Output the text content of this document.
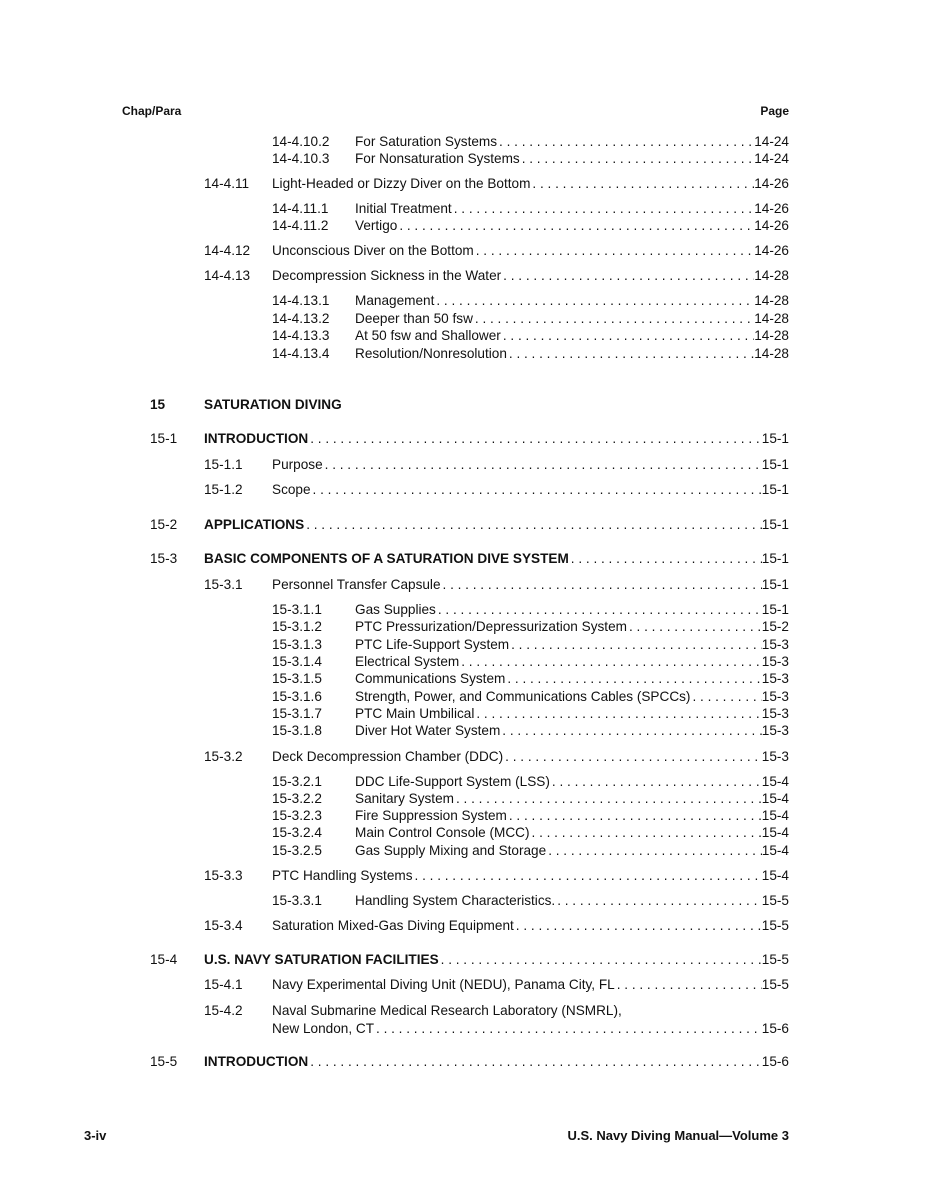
Chap/Para	Page
14-4.10.2 For Saturation Systems . . .	14-24
14-4.10.3 For Nonsaturation Systems . . .	14-24
14-4.11 Light-Headed or Dizzy Diver on the Bottom . . .	14-26
14-4.11.1 Initial Treatment . . .	14-26
14-4.11.2 Vertigo . . .	14-26
14-4.12 Unconscious Diver on the Bottom . . .	14-26
14-4.13 Decompression Sickness in the Water . . .	14-28
14-4.13.1 Management . . .	14-28
14-4.13.2 Deeper than 50 fsw . . .	14-28
14-4.13.3 At 50 fsw and Shallower . . .	14-28
14-4.13.4 Resolution/Nonresolution . . .	14-28
15	SATURATION DIVING
15-1 INTRODUCTION . . .	15-1
15-1.1 Purpose . . .	15-1
15-1.2 Scope . . .	15-1
15-2 APPLICATIONS . . .	15-1
15-3 BASIC COMPONENTS OF A SATURATION DIVE SYSTEM . . .	15-1
15-3.1 Personnel Transfer Capsule . . .	15-1
15-3.1.1 Gas Supplies . . .	15-1
15-3.1.2 PTC Pressurization/Depressurization System . . .	15-2
15-3.1.3 PTC Life-Support System . . .	15-3
15-3.1.4 Electrical System . . .	15-3
15-3.1.5 Communications System . . .	15-3
15-3.1.6 Strength, Power, and Communications Cables (SPCCs) . . .	15-3
15-3.1.7 PTC Main Umbilical . . .	15-3
15-3.1.8 Diver Hot Water System . . .	15-3
15-3.2 Deck Decompression Chamber (DDC) . . .	15-3
15-3.2.1 DDC Life-Support System (LSS) . . .	15-4
15-3.2.2 Sanitary System . . .	15-4
15-3.2.3 Fire Suppression System . . .	15-4
15-3.2.4 Main Control Console (MCC) . . .	15-4
15-3.2.5 Gas Supply Mixing and Storage . . .	15-4
15-3.3 PTC Handling Systems . . .	15-4
15-3.3.1 Handling System Characteristics. . . .	15-5
15-3.4 Saturation Mixed-Gas Diving Equipment . . .	15-5
15-4 U.S. NAVY SATURATION FACILITIES . . .	15-5
15-4.1 Navy Experimental Diving Unit (NEDU), Panama City, FL . . .	15-5
15-4.2 Naval Submarine Medical Research Laboratory (NSMRL),
New London, CT . . .	15-6
15-5 INTRODUCTION . . .	15-6
3-iv	U.S. Navy Diving Manual—Volume 3
